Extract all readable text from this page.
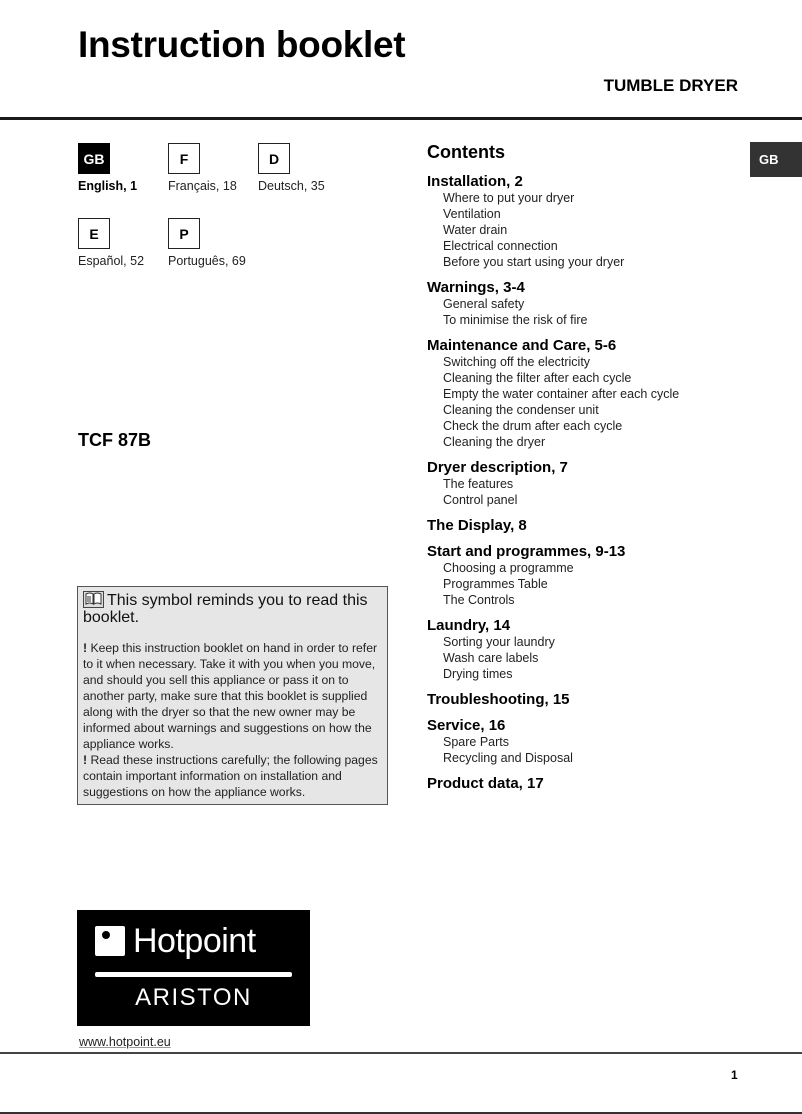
Instruction booklet
TUMBLE DRYER
GB
English, 1
F
Français, 18
D
Deutsch, 35
E
Español, 52
P
Português, 69
TCF 87B
This symbol reminds you to read this booklet.
! Keep this instruction booklet on hand in order to refer to it when necessary. Take it with you when you move, and should you sell this appliance or pass it on to another party, make sure that this booklet is supplied along with the dryer so that the new owner may be informed about warnings and suggestions on how the appliance works.
! Read these instructions carefully; the following pages contain important information on installation and suggestions on how the appliance works.
Hotpoint
ARISTON
www.hotpoint.eu
1
GB
Contents
Installation, 2
Where to put your dryer
Ventilation
Water drain
Electrical connection
Before you start using your dryer
Warnings, 3-4
General safety
To minimise the risk of fire
Maintenance and Care, 5-6
Switching off the electricity
Cleaning the filter after each cycle
Empty the water container after each cycle
Cleaning the condenser unit
Check the drum after each cycle
Cleaning the dryer
Dryer description, 7
The features
Control panel
The Display, 8
Start and programmes, 9-13
Choosing a programme
Programmes Table
The Controls
Laundry, 14
Sorting your laundry
Wash care labels
Drying times
Troubleshooting, 15
Service, 16
Spare Parts
Recycling and Disposal
Product data, 17
